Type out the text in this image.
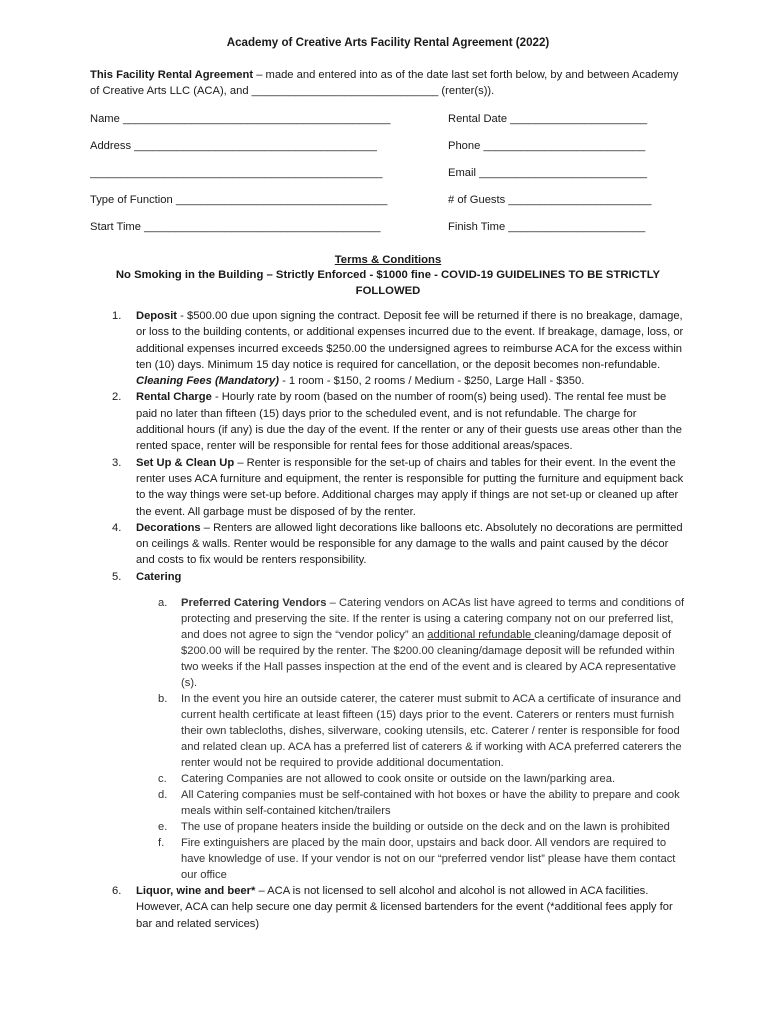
Academy of Creative Arts Facility Rental Agreement (2022)

This Facility Rental Agreement – made and entered into as of the date last set forth below, by and between Academy of Creative Arts LLC (ACA), and ______________________________ (renter(s)).

Name ___________________________________________	Rental Date ______________________
Address _______________________________________	Phone __________________________
_______________________________________________	Email ___________________________
Type of Function __________________________________	# of Guests _______________________
Start Time ______________________________________	Finish Time ______________________
Terms & Conditions
No Smoking in the Building – Strictly Enforced - $1000 fine - COVID-19 GUIDELINES TO BE STRICTLY FOLLOWED
1. Deposit - $500.00 due upon signing the contract. Deposit fee will be returned if there is no breakage, damage, or loss to the building contents, or additional expenses incurred due to the event. If breakage, damage, loss, or additional expenses incurred exceeds $250.00 the undersigned agrees to reimburse ACA for the excess within ten (10) days. Minimum 15 day notice is required for cancellation, or the deposit becomes non-refundable. Cleaning Fees (Mandatory) - 1 room - $150, 2 rooms / Medium - $250, Large Hall - $350.
2. Rental Charge - Hourly rate by room (based on the number of room(s) being used). The rental fee must be paid no later than fifteen (15) days prior to the scheduled event, and is not refundable. The charge for additional hours (if any) is due the day of the event. If the renter or any of their guests use areas other than the rented space, renter will be responsible for rental fees for those additional areas/spaces.
3. Set Up & Clean Up – Renter is responsible for the set-up of chairs and tables for their event. In the event the renter uses ACA furniture and equipment, the renter is responsible for putting the furniture and equipment back to the way things were set-up before. Additional charges may apply if things are not set-up or cleaned up after the event. All garbage must be disposed of by the renter.
4. Decorations – Renters are allowed light decorations like balloons etc. Absolutely no decorations are permitted on ceilings & walls. Renter would be responsible for any damage to the walls and paint caused by the décor and costs to fix would be renters responsibility.
5. Catering
a. Preferred Catering Vendors – Catering vendors on ACAs list have agreed to terms and conditions of protecting and preserving the site. If the renter is using a catering company not on our preferred list, and does not agree to sign the “vendor policy” an additional refundable cleaning/damage deposit of $200.00 will be required by the renter. The $200.00 cleaning/damage deposit will be refunded within two weeks if the Hall passes inspection at the end of the event and is cleared by ACA representative (s).
b. In the event you hire an outside caterer, the caterer must submit to ACA a certificate of insurance and current health certificate at least fifteen (15) days prior to the event. Caterers or renters must furnish their own tablecloths, dishes, silverware, cooking utensils, etc. Caterer / renter is responsible for food and related clean up. ACA has a preferred list of caterers & if working with ACA preferred caterers the renter would not be required to provide additional documentation.
c. Catering Companies are not allowed to cook onsite or outside on the lawn/parking area.
d. All Catering companies must be self-contained with hot boxes or have the ability to prepare and cook meals within self-contained kitchen/trailers
e. The use of propane heaters inside the building or outside on the deck and on the lawn is prohibited
f. Fire extinguishers are placed by the main door, upstairs and back door. All vendors are required to have knowledge of use. If your vendor is not on our “preferred vendor list” please have them contact our office
6. Liquor, wine and beer* – ACA is not licensed to sell alcohol and alcohol is not allowed in ACA facilities. However, ACA can help secure one day permit & licensed bartenders for the event (*additional fees apply for bar and related services)
